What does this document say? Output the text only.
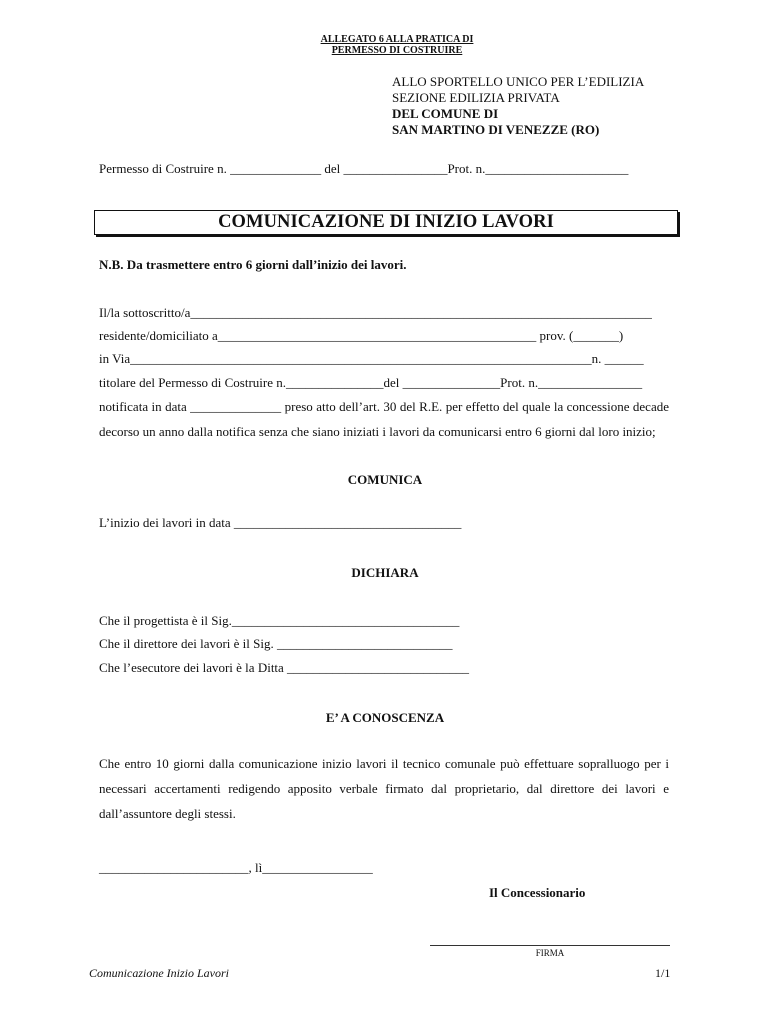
ALLEGATO 6 ALLA PRATICA DI
PERMESSO DI COSTRUIRE
ALLO SPORTELLO UNICO PER L’EDILIZIA
SEZIONE EDILIZIA PRIVATA
DEL COMUNE DI
SAN MARTINO DI VENEZZE (RO)
Permesso di Costruire n. ______________ del ________________Prot. n.______________________
COMUNICAZIONE DI INIZIO LAVORI
N.B. Da trasmettere entro 6 giorni dall’inizio dei lavori.
Il/la sottoscritto/a_______________________________________________________________________
residente/domiciliato a_________________________________________________ prov. (_______)
in Via_______________________________________________________________________n. ______
titolare del Permesso di Costruire n._______________del _______________Prot. n.________________
notificata in data ______________ preso atto dell’art. 30 del R.E. per effetto del quale la concessione decade decorso un anno dalla notifica senza che siano iniziati i lavori da comunicarsi entro 6 giorni dal loro inizio;
COMUNICA
L’inizio dei lavori in data ___________________________________
DICHIARA
Che il progettista è il Sig.___________________________________
Che il direttore dei lavori è il Sig. ___________________________
Che l’esecutore dei lavori è la Ditta ____________________________
E’ A CONOSCENZA
Che entro 10 giorni dalla comunicazione inizio lavori il tecnico comunale può effettuare sopralluogo per i necessari accertamenti redigendo apposito verbale firmato dal proprietario, dal direttore dei lavori e dall’assuntore degli stessi.
_______________________, lì_________________
Il Concessionario
FIRMA
Comunicazione Inizio Lavori	1/1
